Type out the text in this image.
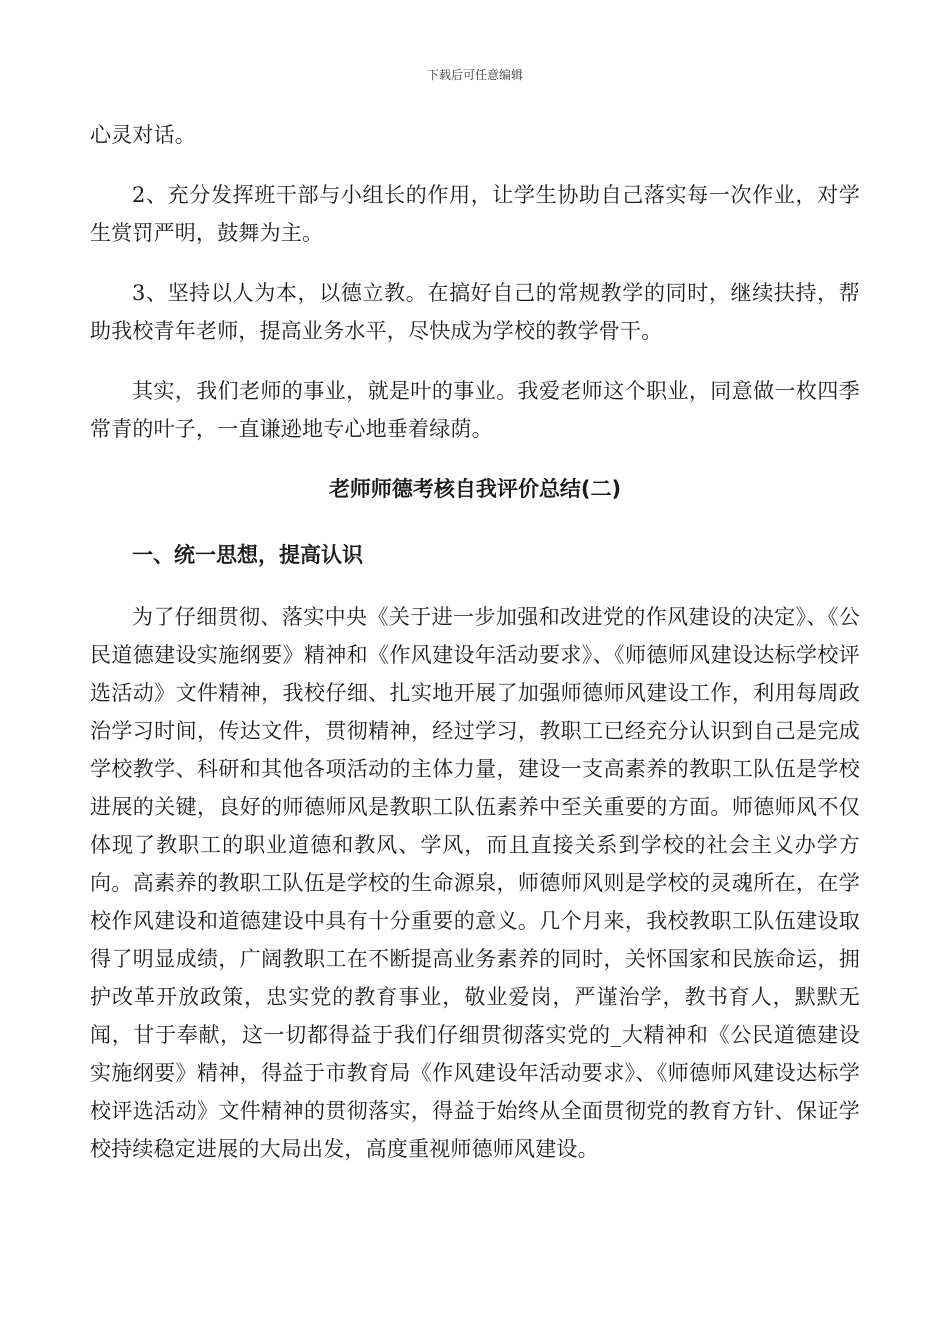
下载后可任意编辑

心灵对话。

2、充分发挥班干部与小组长的作用，让学生协助自己落实每一次作业，对学生赏罚严明，鼓舞为主。

3、坚持以人为本，以德立教。在搞好自己的常规教学的同时，继续扶持，帮助我校青年老师，提高业务水平，尽快成为学校的教学骨干。

其实，我们老师的事业，就是叶的事业。我爱老师这个职业，同意做一枚四季常青的叶子，一直谦逊地专心地垂着绿荫。

老师师德考核自我评价总结(二)
一、统一思想，提高认识

为了仔细贯彻、落实中央《关于进一步加强和改进党的作风建设的决定》、《公民道德建设实施纲要》精神和《作风建设年活动要求》、《师德师风建设达标学校评选活动》文件精神，我校仔细、扎实地开展了加强师德师风建设工作，利用每周政治学习时间，传达文件，贯彻精神，经过学习，教职工已经充分认识到自己是完成学校教学、科研和其他各项活动的主体力量，建设一支高素养的教职工队伍是学校进展的关键，良好的师德师风是教职工队伍素养中至关重要的方面。师德师风不仅体现了教职工的职业道德和教风、学风，而且直接关系到学校的社会主义办学方向。高素养的教职工队伍是学校的生命源泉，师德师风则是学校的灵魂所在，在学校作风建设和道德建设中具有十分重要的意义。几个月来，我校教职工队伍建设取得了明显成绩，广阔教职工在不断提高业务素养的同时，关怀国家和民族命运，拥护改革开放政策，忠实党的教育事业，敬业爱岗，严谨治学，教书育人，默默无闻，甘于奉献，这一切都得益于我们仔细贯彻落实党的_大精神和《公民道德建设实施纲要》精神，得益于市教育局《作风建设年活动要求》、《师德师风建设达标学校评选活动》文件精神的贯彻落实，得益于始终从全面贯彻党的教育方针、保证学校持续稳定进展的大局出发，高度重视师德师风建设。
